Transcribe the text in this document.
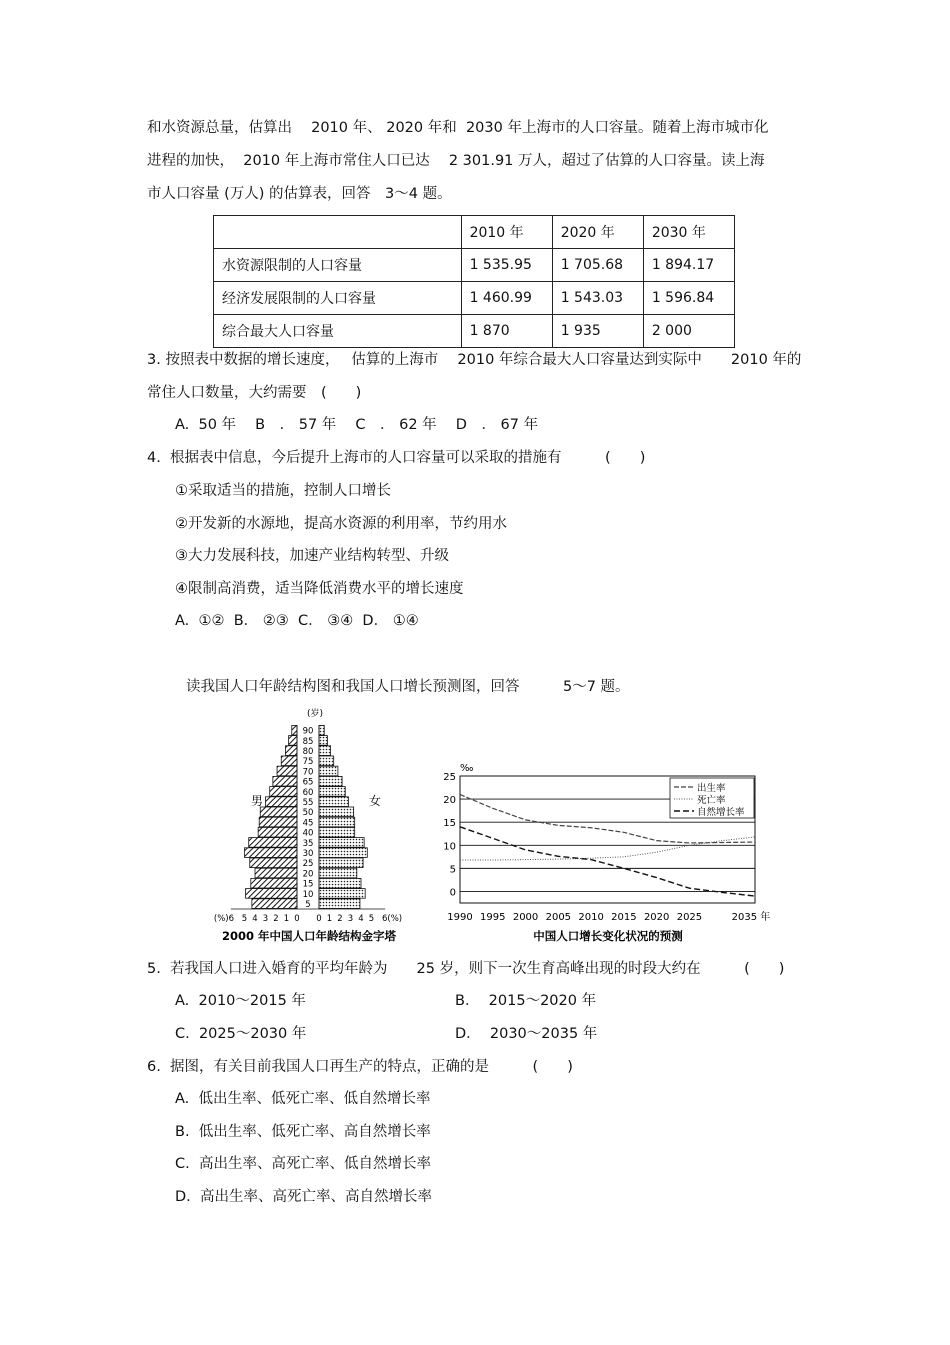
和水资源总量，估算出　 2010 年、 2020 年和  2030 年上海市的人口容量。随着上海市城市化
进程的加快，  2010 年上海市常住人口已达　 2 301.91 万人，超过了估算的人口容量。读上海
市人口容量 (万人) 的估算表，回答　3～4 题。
	2010 年	2020 年	2030 年
水资源限制的人口容量	1 535.95	1 705.68	1 894.17
经济发展限制的人口容量	1 460.99	1 543.03	1 596.84
综合最大人口容量	1 870	1 935	2 000
3. 按照表中数据的增长速度，　 估算的上海市　 2010 年综合最大人口容量达到实际中　　2010 年的
常住人口数量，大约需要　(　　)
A.  50 年　 B　． 57 年　 C　． 62 年　 D　． 67 年
4.  根据表中信息，今后提升上海市的人口容量可以采取的措施有　　　(　　)
①采取适当的措施，控制人口增长
②开发新的水源地，提高水资源的利用率，节约用水
③大力发展科技，加速产业结构转型、升级
④限制高消费，适当降低消费水平的增长速度
A.  ①②  B． ②③  C． ③④  D． ①④
读我国人口年龄结构图和我国人口增长预测图，回答　　　5～7 题。
5
10
15
20
25
30
35
40
45
50
55
60
65
70
75
80
85
90
(%)6 5 4 3 2 1 0 0 1 2 3 4 5 6(%)
(岁)
男	女
2000 年中国人口年龄结构金字塔
0
5
10
15
20
25
1990 1995 2000 2005 2010 2015 2020 2025	2035 年
‰
出生率
死亡率
自然增长率
中国人口增长变化状况的预测
5.  若我国人口进入婚育的平均年龄为　　25 岁，则下一次生育高峰出现的时段大约在　　　(　　)
A.  2010～2015 年	B．  2015～2020 年
C.  2025～2030 年	D．  2030～2035 年
6.  据图，有关目前我国人口再生产的特点，正确的是　　　(　　)
A.  低出生率、低死亡率、低自然增长率
B.  低出生率、低死亡率、高自然增长率
C.  高出生率、高死亡率、低自然增长率
D.  高出生率、高死亡率、高自然增长率
